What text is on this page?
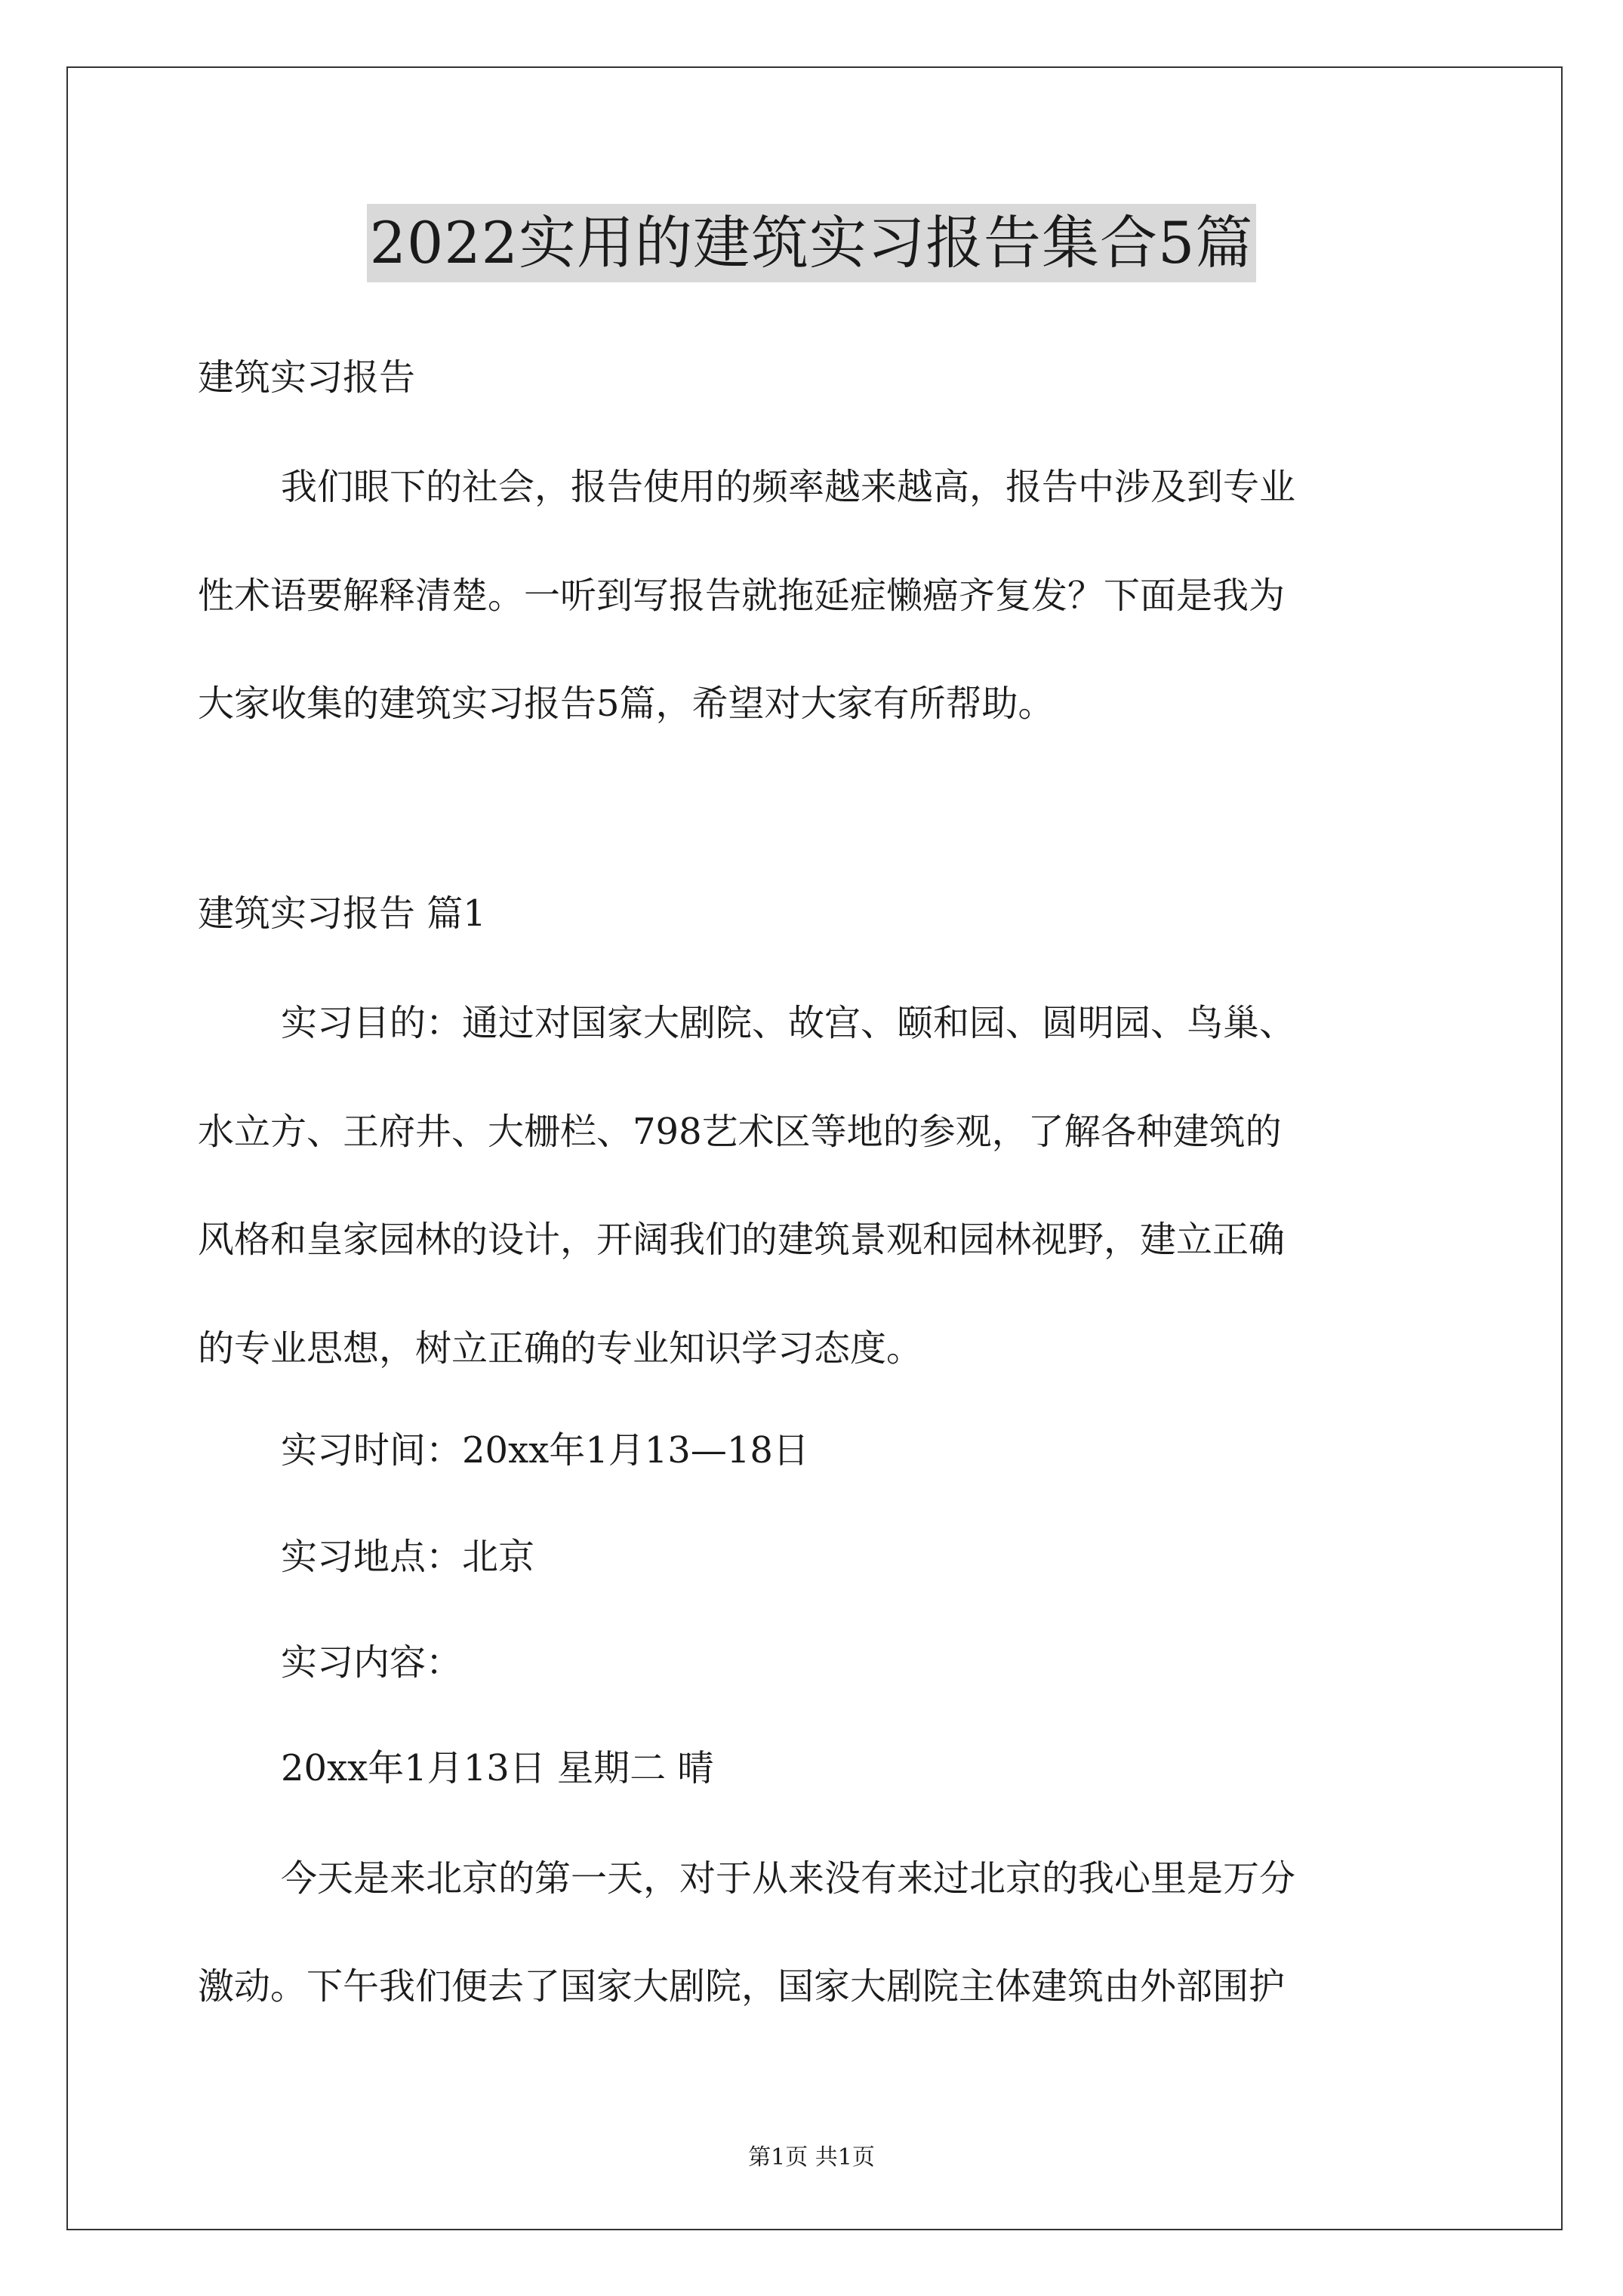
2022实用的建筑实习报告集合5篇
建筑实习报告
我们眼下的社会，报告使用的频率越来越高，报告中涉及到专业
性术语要解释清楚。一听到写报告就拖延症懒癌齐复发？下面是我为
大家收集的建筑实习报告5篇，希望对大家有所帮助。
建筑实习报告 篇1
实习目的：通过对国家大剧院、故宫、颐和园、圆明园、鸟巢、
水立方、王府井、大栅栏、798艺术区等地的参观，了解各种建筑的
风格和皇家园林的设计，开阔我们的建筑景观和园林视野，建立正确
的专业思想，树立正确的专业知识学习态度。
实习时间：20xx年1月13—18日
实习地点：北京
实习内容：
20xx年1月13日 星期二 晴
今天是来北京的第一天，对于从来没有来过北京的我心里是万分
激动。下午我们便去了国家大剧院，国家大剧院主体建筑由外部围护
第1页 共1页
